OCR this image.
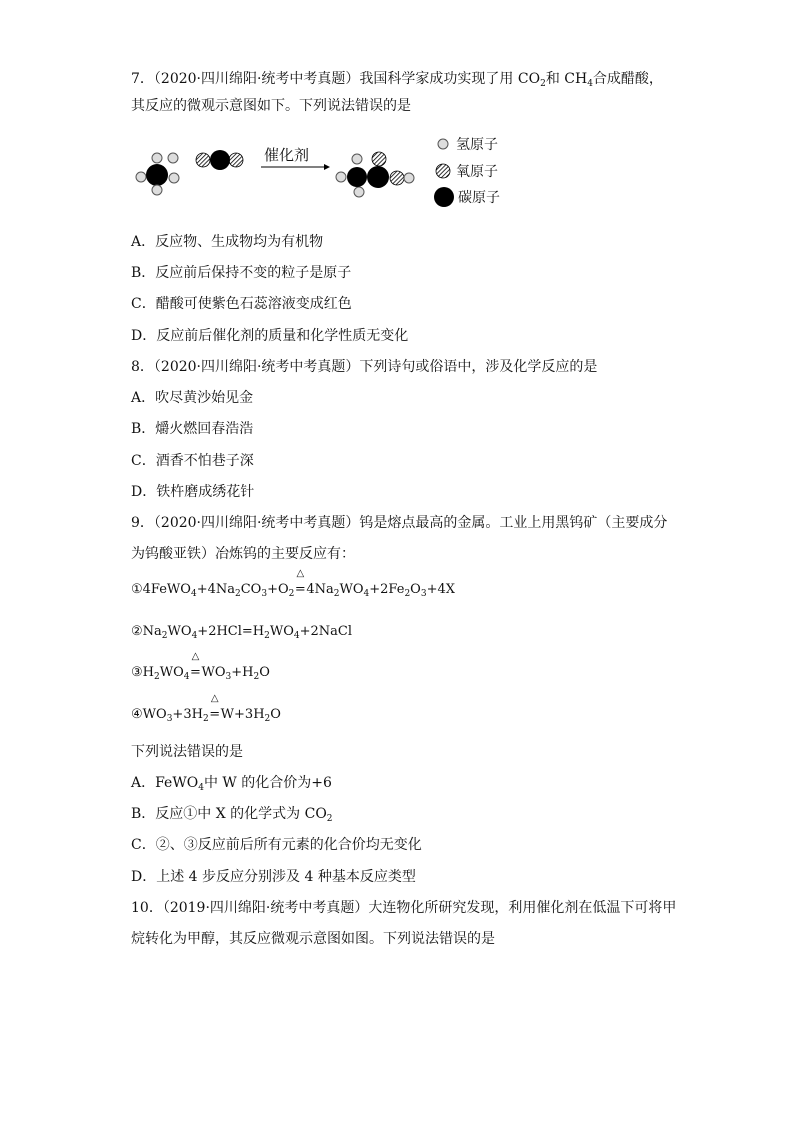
7．（2020·四川绵阳·统考中考真题）我国科学家成功实现了用 $CO_2$和 $CH_4$合成醋酸，
其反应的微观示意图如下。下列说法错误的是
催化剂
氢原子
氧原子
碳原子
A．反应物、生成物均为有机物
B．反应前后保持不变的粒子是原子
C．醋酸可使紫色石蕊溶液变成红色
D．反应前后催化剂的质量和化学性质无变化
8．（2020·四川绵阳·统考中考真题）下列诗句或俗语中，涉及化学反应的是
A．吹尽黄沙始见金
B．爝火燃回春浩浩
C．酒香不怕巷子深
D．铁杵磨成绣花针
9．（2020·四川绵阳·统考中考真题）钨是熔点最高的金属。工业上用黑钨矿（主要成分
为钨酸亚铁）冶炼钨的主要反应有：
$①4FeWO_4+4Na_2CO_3+O_2$
△
$=4Na_2WO_4+2Fe_2O_3+4X$
$②Na_2WO_4+2HCl=H_2WO_4+2NaCl$
$③H_2WO_4$
△
$=WO_3+H_2O$
$④WO_3+3H_2$
△
$=W+3H_2O$
下列说法错误的是
A．FeWO$_4$中 W 的化合价为+6
B．反应①中 X 的化学式为 $CO_2$
C．②、③反应前后所有元素的化合价均无变化
D．上述 4 步反应分别涉及 4 种基本反应类型
10．（2019·四川绵阳·统考中考真题）大连物化所研究发现，利用催化剂在低温下可将甲
烷转化为甲醇，其反应微观示意图如图。下列说法错误的是
